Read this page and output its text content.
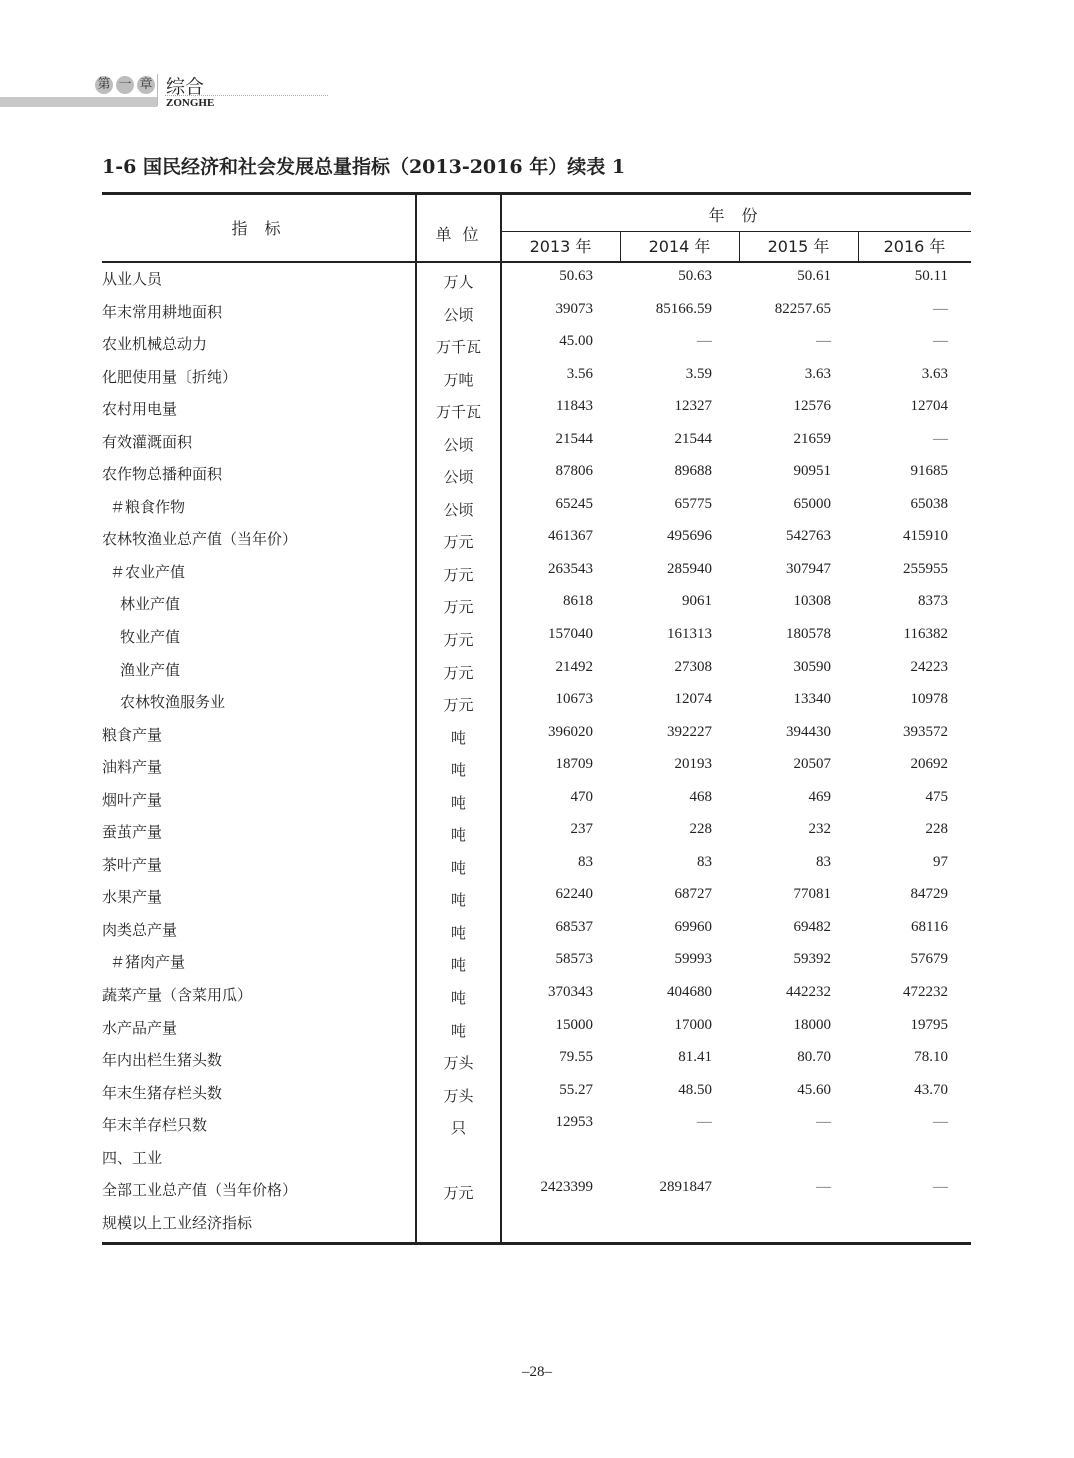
第 一 章 综合
ZONGHE
1-6 国民经济和社会发展总量指标（2013-2016 年）续表 1
指 标	单 位
年 份
2013 年	2014 年	2015 年	2016 年
从业人员	万人	50.63	50.63	50.61	50.11
年末常用耕地面积	公顷	39073	85166.59	82257.65	—
农业机械总动力	万千瓦	45.00	—	—	—
化肥使用量〔折纯）	万吨	3.56	3.59	3.63	3.63
农村用电量	万千瓦	11843	12327	12576	12704
有效灌溉面积	公顷	21544	21544	21659	—
农作物总播种面积	公顷	87806	89688	90951	91685
＃粮食作物	公顷	65245	65775	65000	65038
农林牧渔业总产值（当年价）	万元	461367	495696	542763	415910
＃农业产值	万元	263543	285940	307947	255955
林业产值	万元	8618	9061	10308	8373
牧业产值	万元	157040	161313	180578	116382
渔业产值	万元	21492	27308	30590	24223
农林牧渔服务业	万元	10673	12074	13340	10978
粮食产量	吨	396020	392227	394430	393572
油料产量	吨	18709	20193	20507	20692
烟叶产量	吨	470	468	469	475
蚕茧产量	吨	237	228	232	228
茶叶产量	吨	83	83	83	97
水果产量	吨	62240	68727	77081	84729
肉类总产量	吨	68537	69960	69482	68116
＃猪肉产量	吨	58573	59993	59392	57679
蔬菜产量（含菜用瓜）	吨	370343	404680	442232	472232
水产品产量	吨	15000	17000	18000	19795
年内出栏生猪头数	万头	79.55	81.41	80.70	78.10
年末生猪存栏头数	万头	55.27	48.50	45.60	43.70
年末羊存栏只数	只	12953	—	—	—
四、工业
全部工业总产值（当年价格）	万元	2423399	2891847	—	—
规模以上工业经济指标
–28–
